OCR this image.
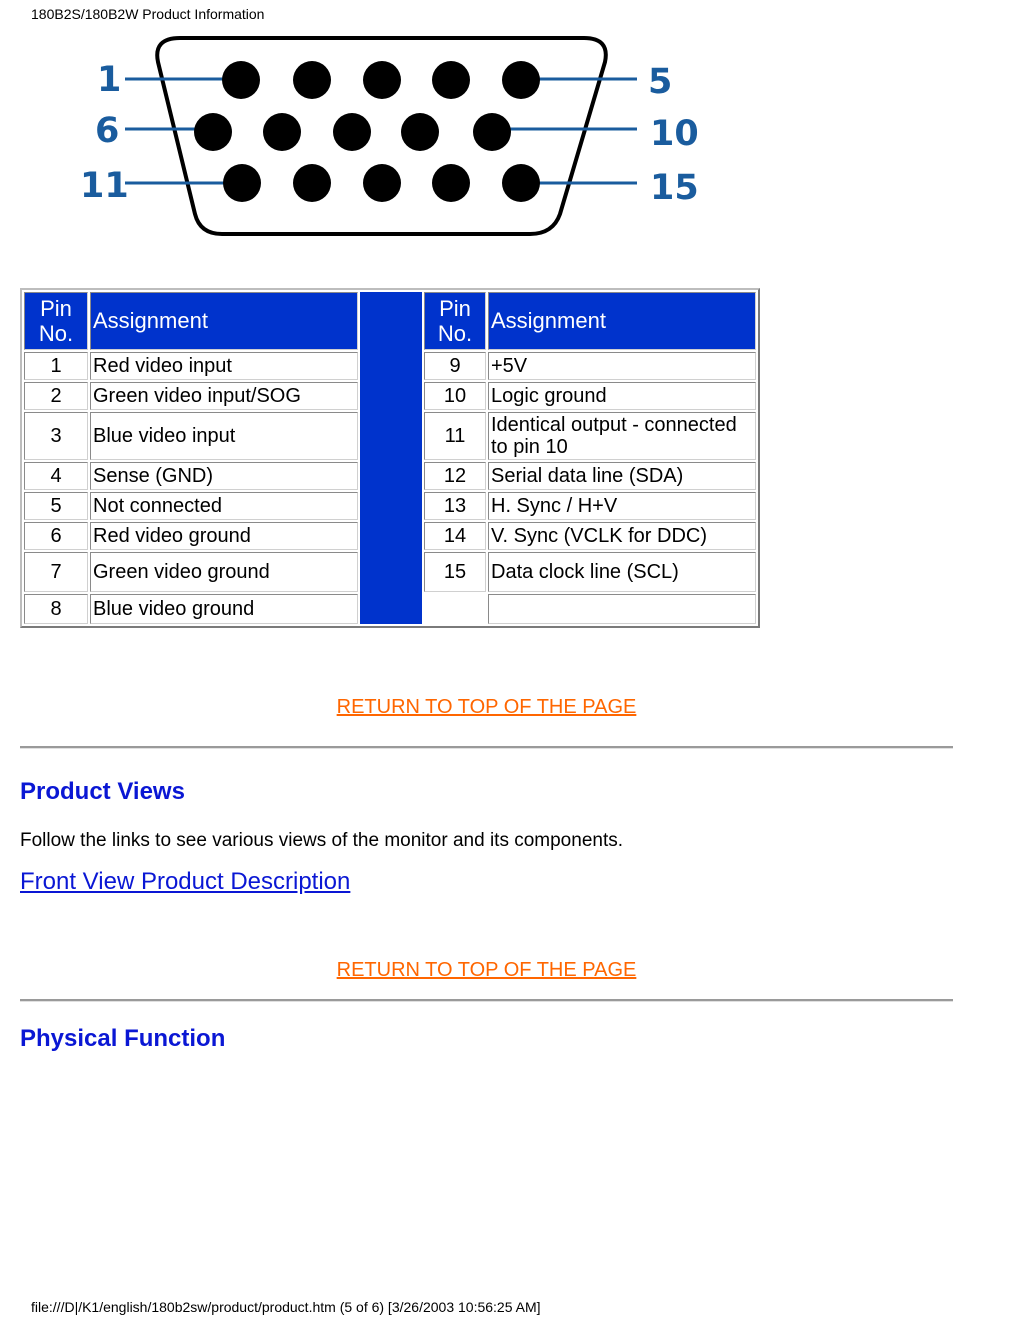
180B2S/180B2W Product Information
1	5
6	10
11	15
Pin No.	Assignment		Pin No.	Assignment
1	Red video input		9	+5V
2	Green video input/SOG		10	Logic ground
3	Blue video input		11	Identical output - connected to pin 10
4	Sense (GND)		12	Serial data line (SDA)
5	Not connected		13	H. Sync / H+V
6	Red video ground		14	V. Sync (VCLK for DDC)
7	Green video ground		15	Data clock line (SCL)
8	Blue video ground			
RETURN TO TOP OF THE PAGE
Product Views

Follow the links to see various views of the monitor and its components.

Front View Product Description
RETURN TO TOP OF THE PAGE
Physical Function
file:///D|/K1/english/180b2sw/product/product.htm (5 of 6) [3/26/2003 10:56:25 AM]
